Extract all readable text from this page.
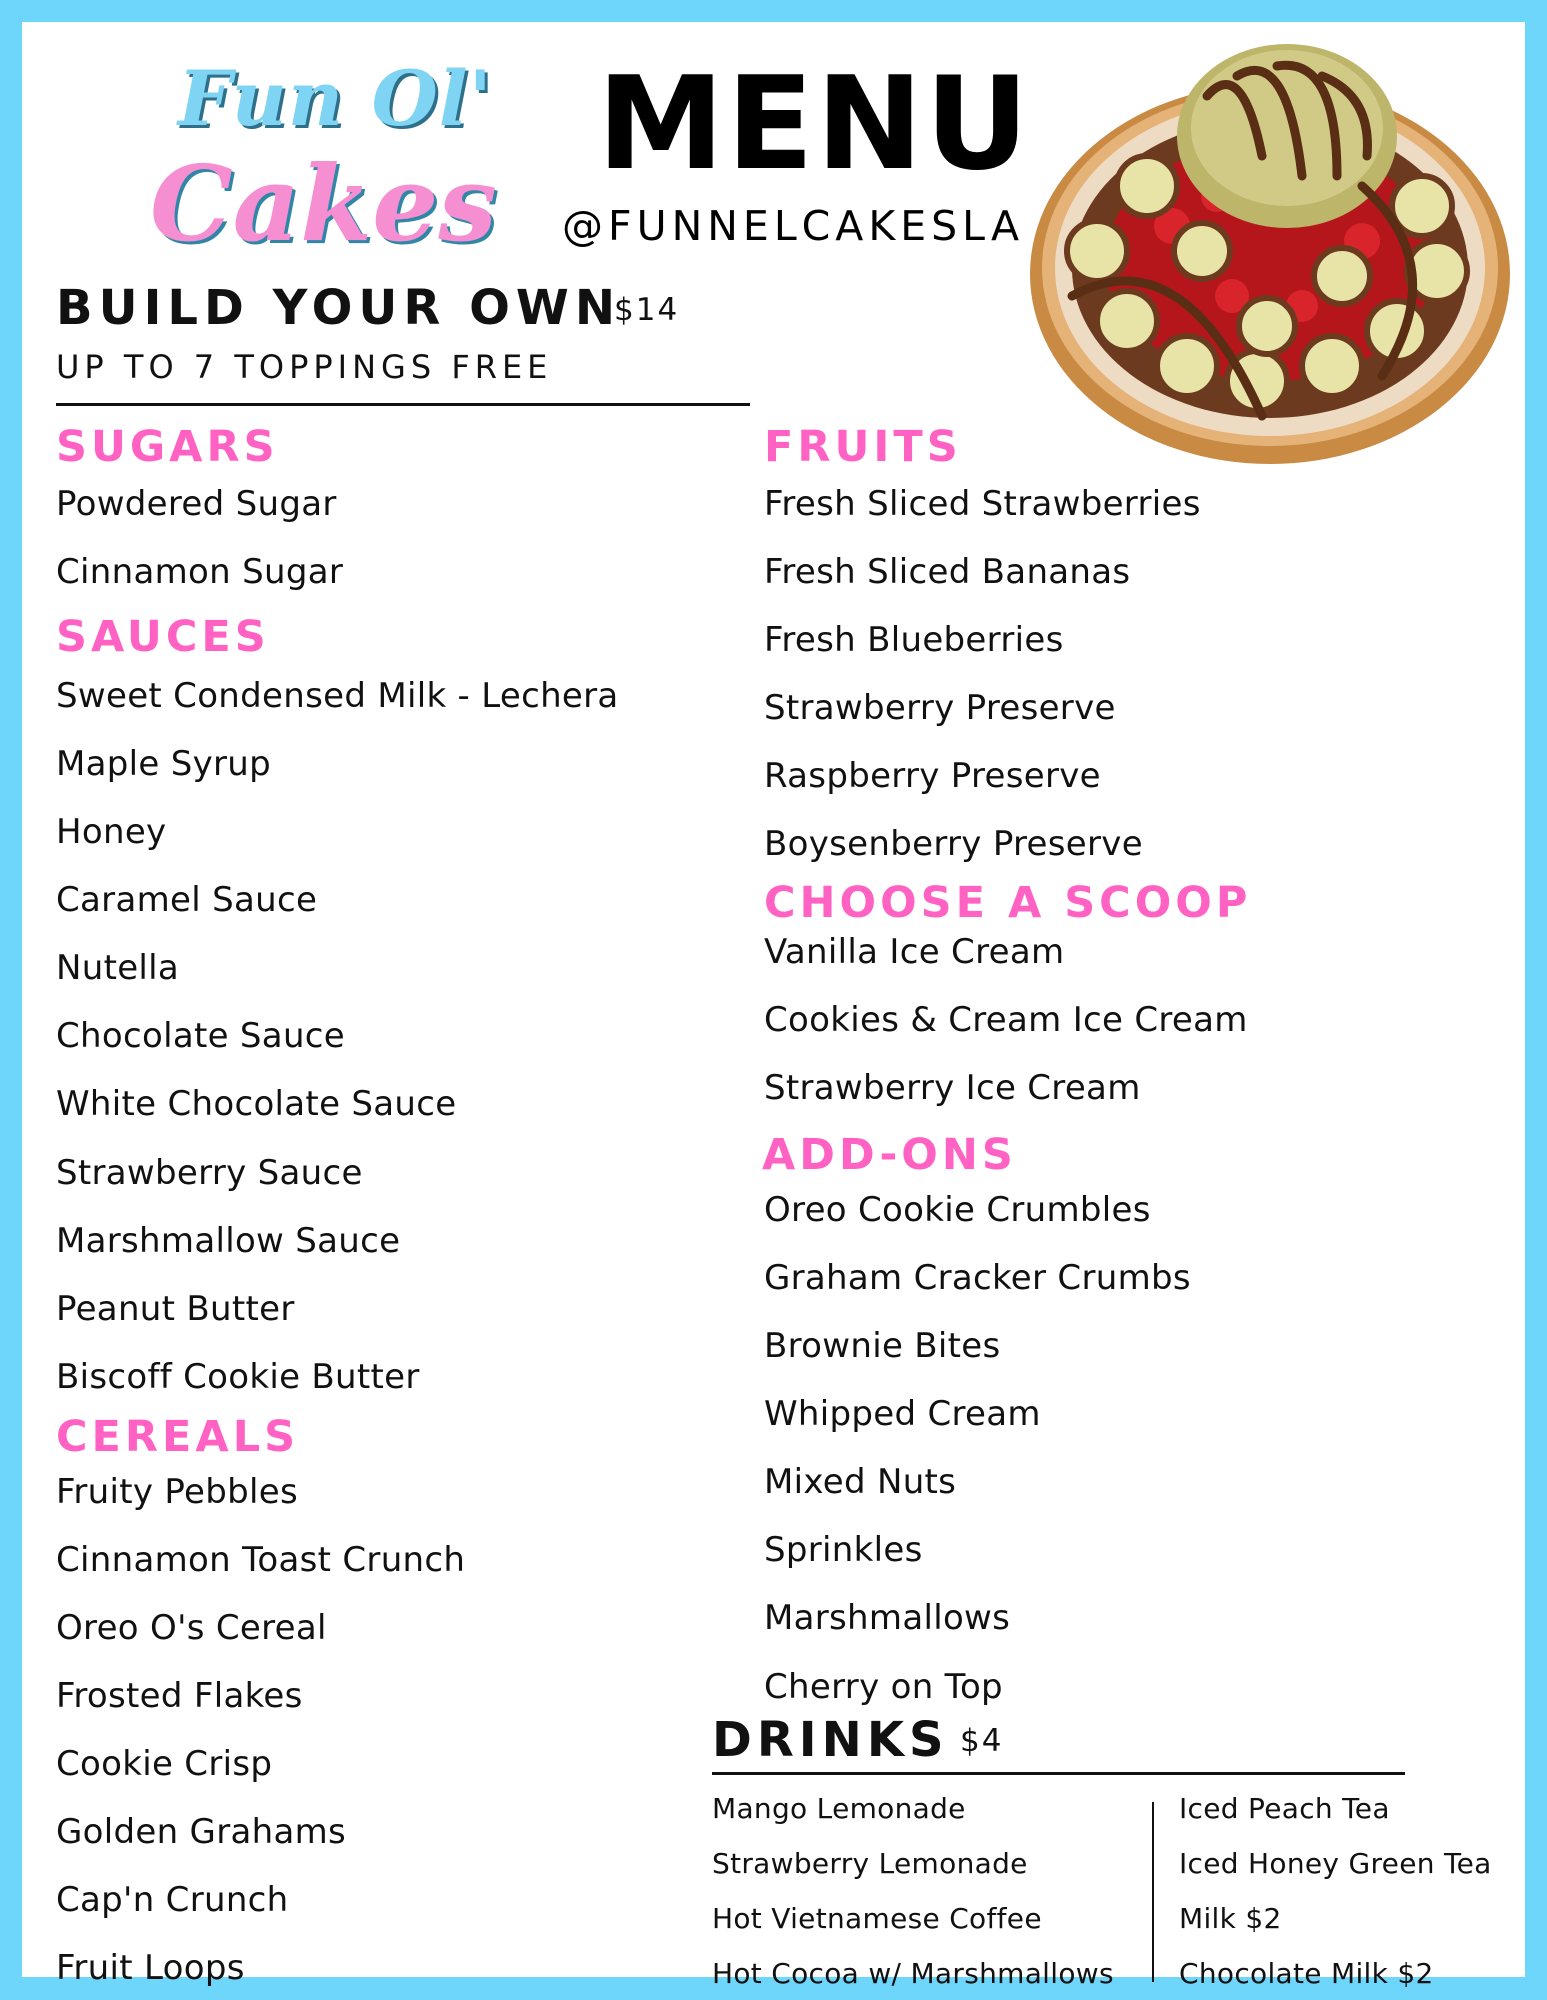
Fun Ol'
Cakes
MENU
@FUNNELCAKESLA
BUILD YOUR OWN
$14
UP TO 7 TOPPINGS FREE
SUGARS
Powdered Sugar
Cinnamon Sugar
SAUCES
Sweet Condensed Milk - Lechera
Maple Syrup
Honey
Caramel Sauce
Nutella
Chocolate Sauce
White Chocolate Sauce
Strawberry Sauce
Marshmallow Sauce
Peanut Butter
Biscoff Cookie Butter
CEREALS
Fruity Pebbles
Cinnamon Toast Crunch
Oreo O's Cereal
Frosted Flakes
Cookie Crisp
Golden Grahams
Cap'n Crunch
Fruit Loops
FRUITS
Fresh Sliced Strawberries
Fresh Sliced Bananas
Fresh Blueberries
Strawberry Preserve
Raspberry Preserve
Boysenberry Preserve
CHOOSE A SCOOP
Vanilla Ice Cream
Cookies & Cream Ice Cream
Strawberry Ice Cream
ADD-ONS
Oreo Cookie Crumbles
Graham Cracker Crumbs
Brownie Bites
Whipped Cream
Mixed Nuts
Sprinkles
Marshmallows
Cherry on Top
DRINKS $4
Mango Lemonade
Strawberry Lemonade
Hot Vietnamese Coffee
Hot Cocoa w/ Marshmallows
Iced Peach Tea
Iced Honey Green Tea
Milk $2
Chocolate Milk $2
